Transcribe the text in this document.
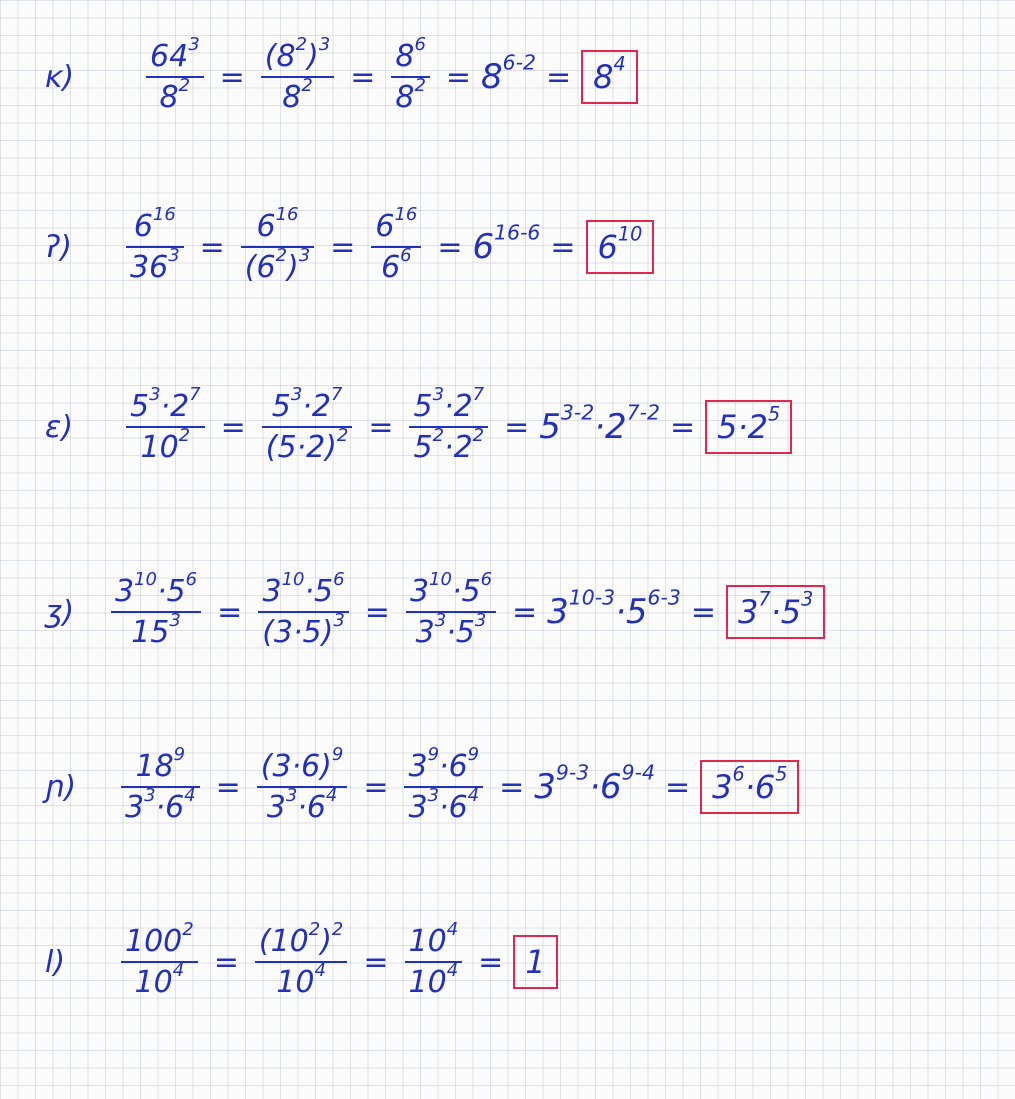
ĸ) $\frac{64^3}{8^2} = \frac{(8^2)^3}{8^2} = \frac{8^6}{8^2} = 8^{6-2} = 8^4$
ʔ) $\frac{6^{16}}{36^3} = \frac{6^{16}}{(6^2)^3} = \frac{6^{16}}{6^6} = 6^{16-6} = 6^{10}$
ɛ) $\frac{5^3\cdot 2^7}{10^2} = \frac{5^3\cdot 2^7}{(5\cdot 2)^2} = \frac{5^3\cdot 2^7}{5^2\cdot 2^2} = 5^{3-2}\cdot 2^{7-2} = 5\cdot 2^5$
ʒ) $\frac{3^{10}\cdot 5^6}{15^3} = \frac{3^{10}\cdot 5^6}{(3\cdot 5)^3} = \frac{3^{10}\cdot 5^6}{3^3\cdot 5^3} = 3^{10-3}\cdot 5^{6-3} = 3^7\cdot 5^3$
ɲ) $\frac{18^9}{3^3\cdot 6^4} = \frac{(3\cdot 6)^9}{3^3\cdot 6^4} = \frac{3^9\cdot 6^9}{3^3\cdot 6^4} = 3^{9-3}\cdot 6^{9-4} = 3^6\cdot 6^5$
$l) \frac{100^2}{10^4} = \frac{(10^2)^2}{10^4} = \frac{10^4}{10^4} = 1$
